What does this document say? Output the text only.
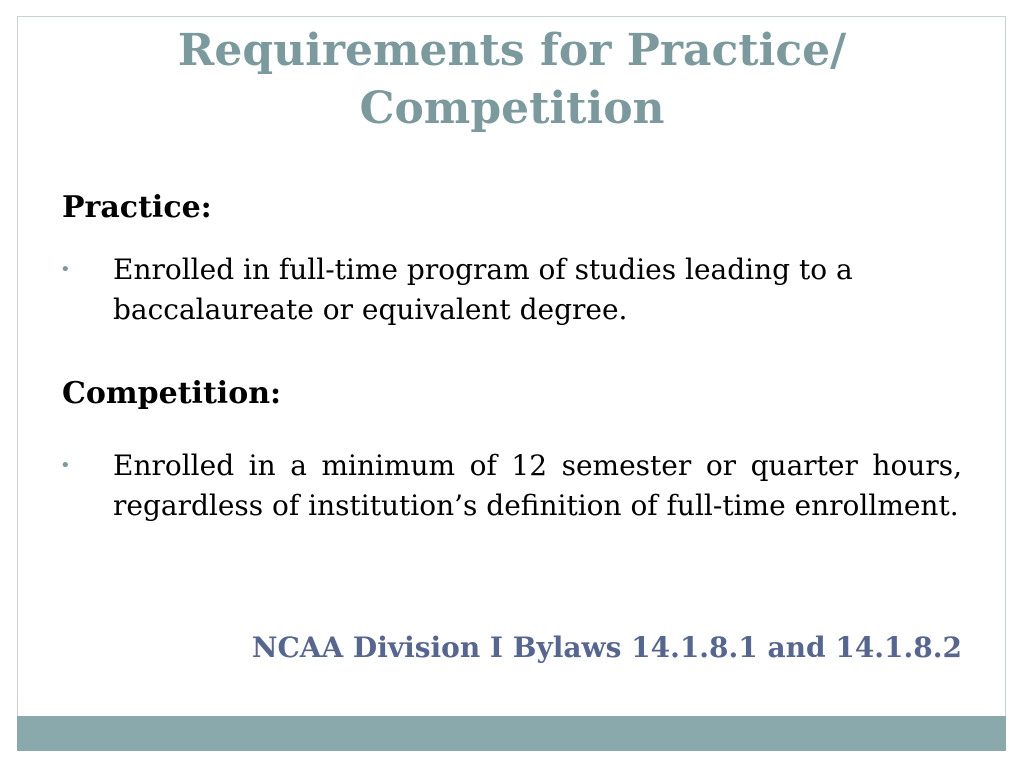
Requirements for Practice/ Competition
Practice:
•	Enrolled in full-time program of studies leading to a baccalaureate or equivalent degree.
Competition:
•	Enrolled in a minimum of 12 semester or quarter hours, regardless of institution’s definition of full-time enrollment.
NCAA Division I Bylaws 14.1.8.1 and 14.1.8.2
